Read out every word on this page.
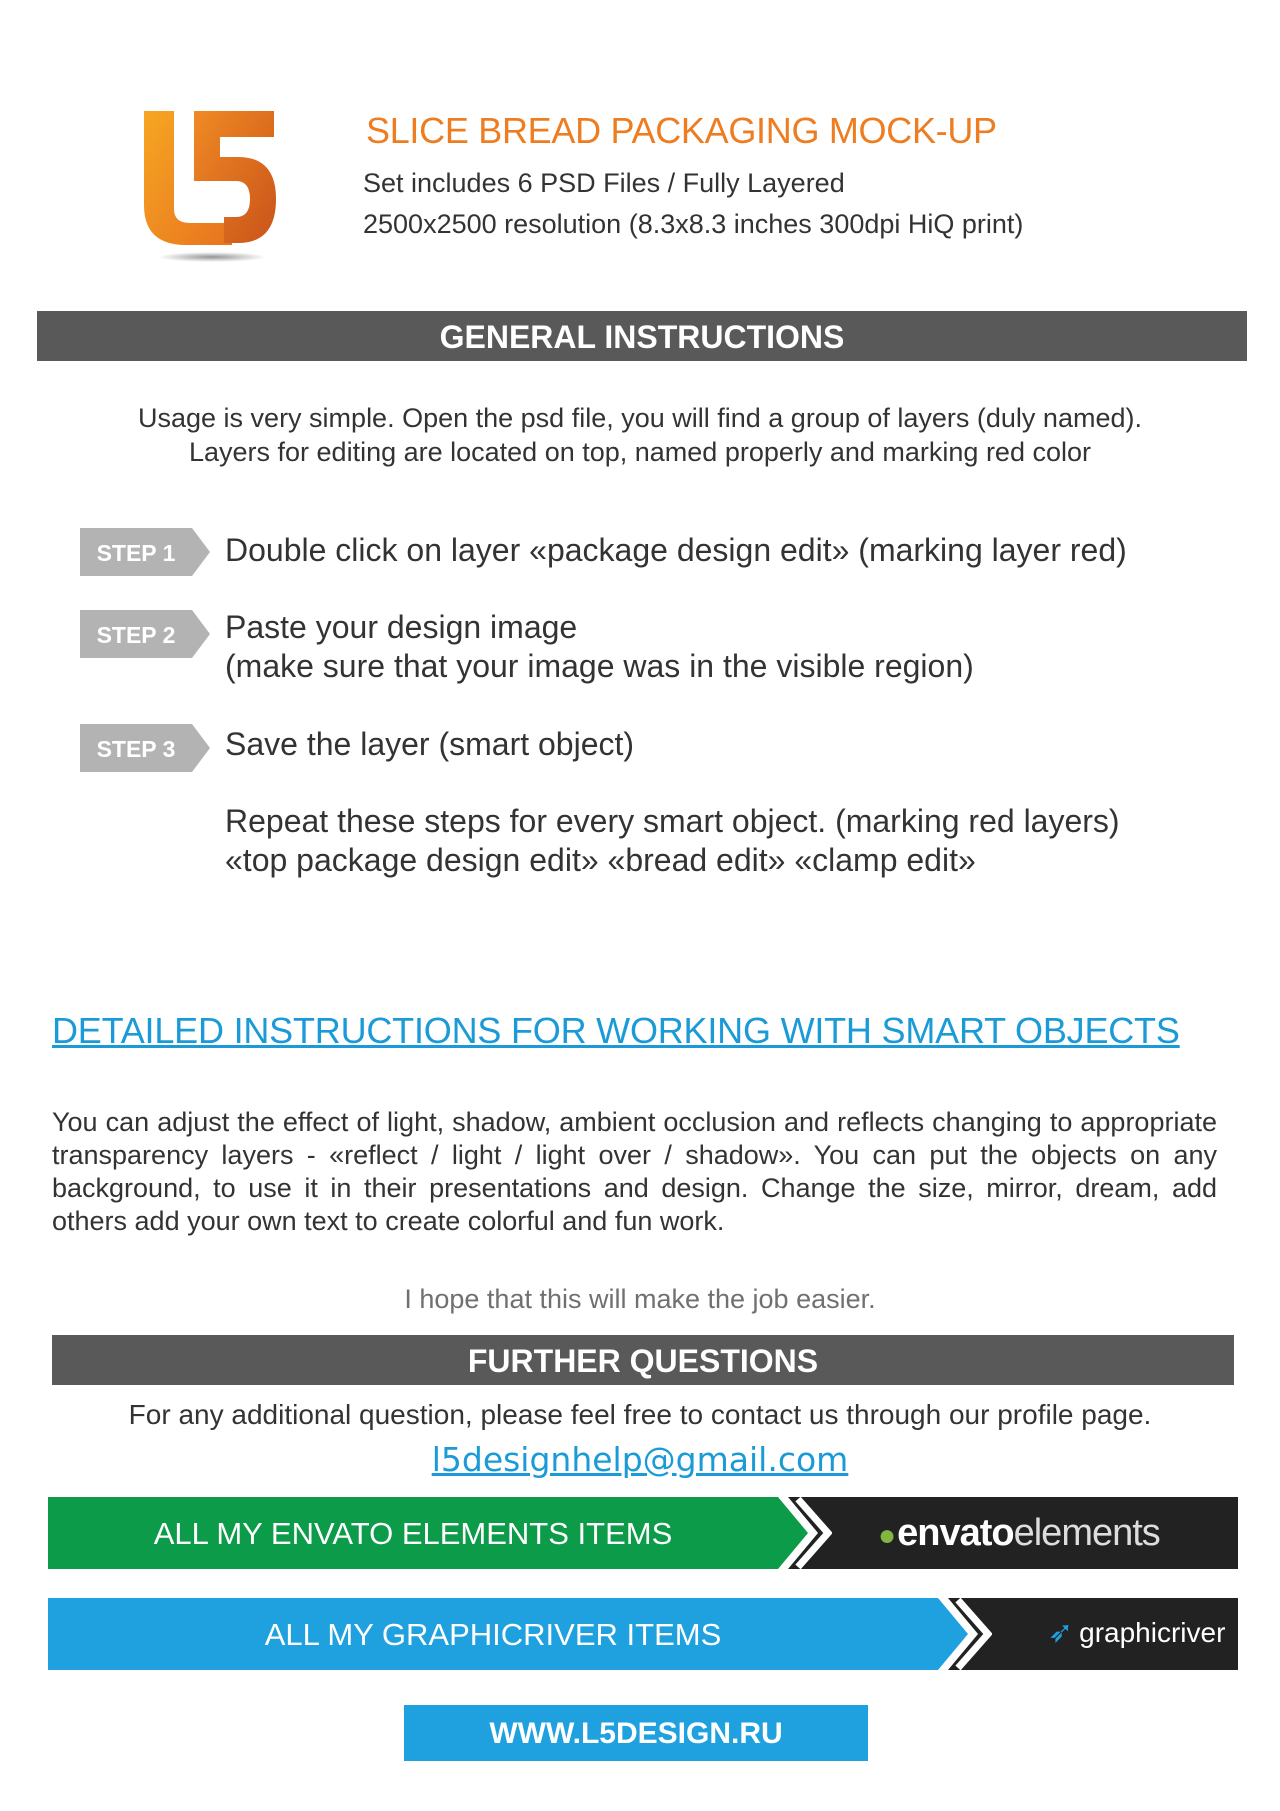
SLICE BREAD PACKAGING MOCK-UP
Set includes 6 PSD Files / Fully Layered
2500x2500 resolution (8.3x8.3 inches 300dpi HiQ print)
GENERAL INSTRUCTIONS
Usage is very simple. Open the psd file, you will find a group of layers (duly named).
Layers for editing are located on top, named properly and marking red color
STEP 1	Double click on layer «package design edit» (marking layer red)
STEP 2	Paste your design image
(make sure that your image was in the visible region)
STEP 3	Save the layer (smart object)
Repeat these steps for every smart object. (marking red layers)
«top package design edit» «bread edit» «clamp edit»
DETAILED INSTRUCTIONS FOR WORKING WITH SMART OBJECTS
You can adjust the effect of light, shadow, ambient occlusion and reflects changing to appropriate transparency layers - «reflect / light / light over / shadow». You can put the objects on any background, to use it in their presentations and design. Change the size, mirror, dream, add others add your own text to create colorful and fun work.
I hope that this will make the job easier.
FURTHER QUESTIONS
For any additional question, please feel free to contact us through our profile page.
l5designhelp@gmail.com
ALL MY ENVATO ELEMENTS ITEMS	●envatoelements
ALL MY GRAPHICRIVER ITEMS	➶ graphicriver
WWW.L5DESIGN.RU
